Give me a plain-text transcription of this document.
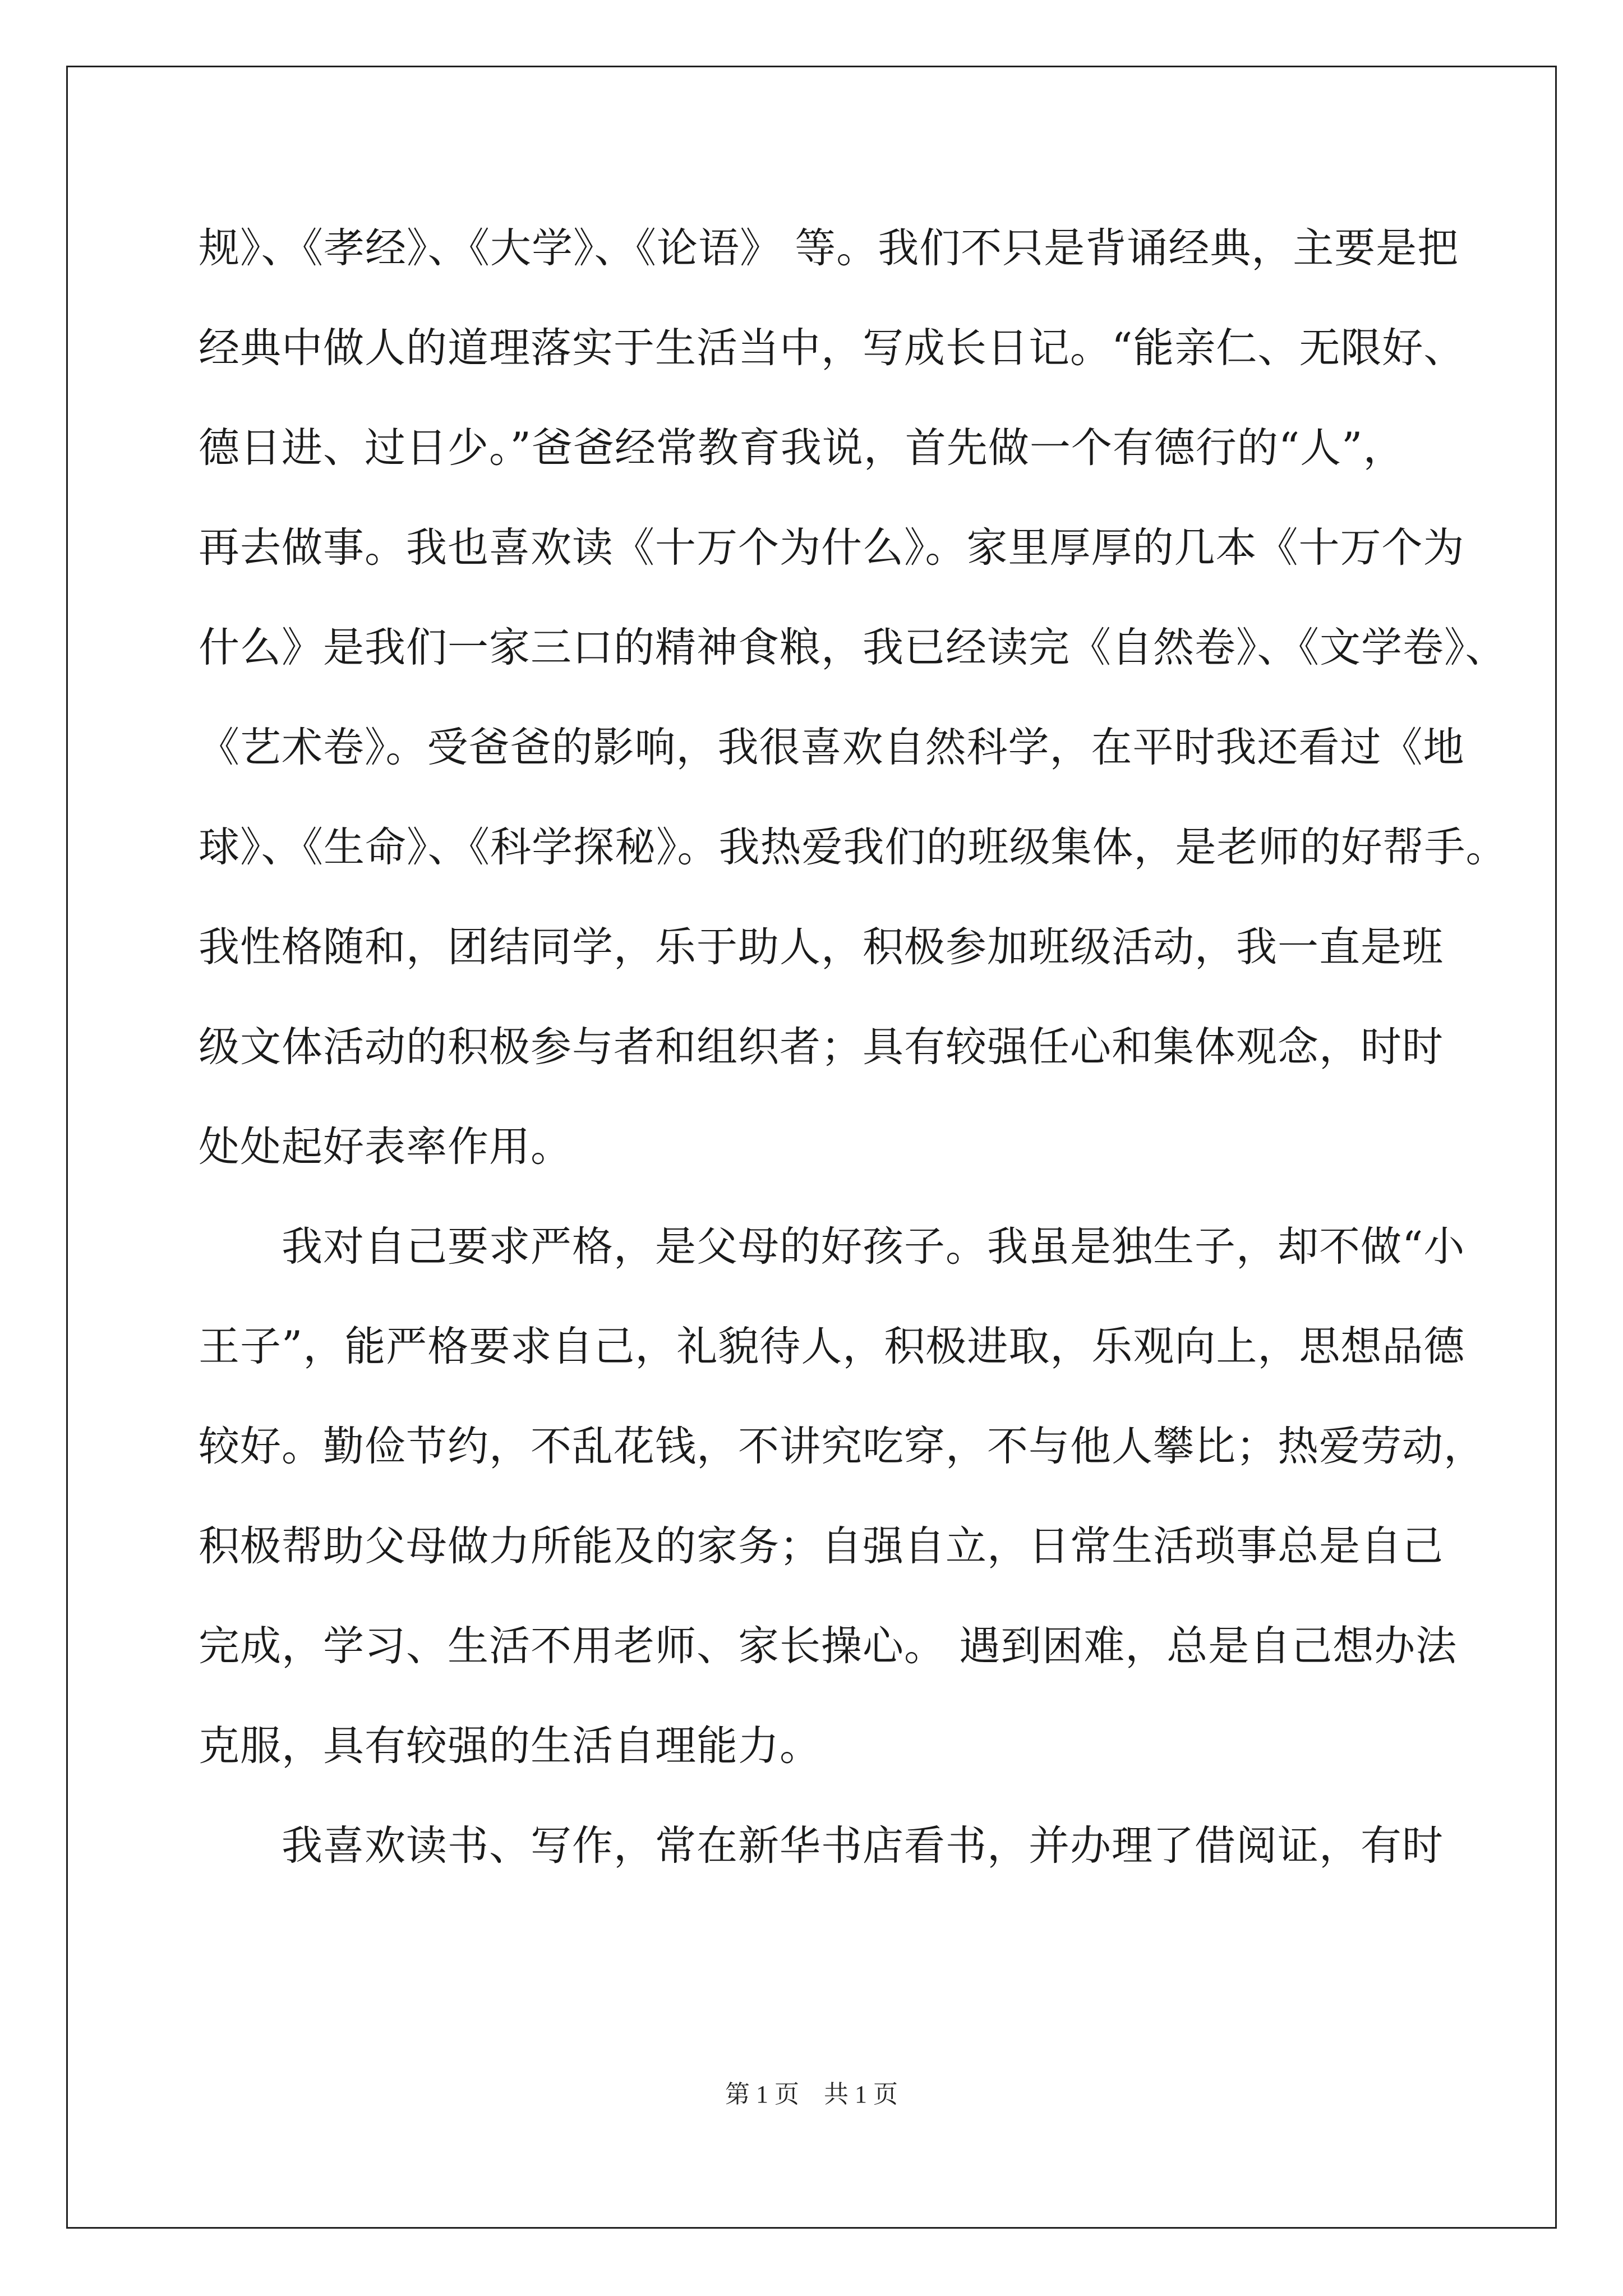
规》、《孝经》、《大学》、《论语》 等。我们不只是背诵经典，主要是把
经典中做人的道理落实于生活当中，写成长日记。“能亲仁、无限好、
德日进、过日少。”爸爸经常教育我说，首先做一个有德行的“人”，
再去做事。我也喜欢读《十万个为什么》。家里厚厚的几本《十万个为
什么》是我们一家三口的精神食粮，我已经读完《自然卷》、《文学卷》、
《艺术卷》。受爸爸的影响，我很喜欢自然科学，在平时我还看过《地
球》、《生命》、《科学探秘》。我热爱我们的班级集体，是老师的好帮手。
我性格随和，团结同学，乐于助人，积极参加班级活动，我一直是班
级文体活动的积极参与者和组织者；具有较强任心和集体观念，时时
处处起好表率作用。
　　我对自己要求严格，是父母的好孩子。我虽是独生子，却不做“小
王子”，能严格要求自己，礼貌待人，积极进取，乐观向上，思想品德
较好。勤俭节约，不乱花钱，不讲究吃穿，不与他人攀比；热爱劳动，
积极帮助父母做力所能及的家务；自强自立，日常生活琐事总是自己
完成，学习、生活不用老师、家长操心。 遇到困难，总是自己想办法
克服，具有较强的生活自理能力。
　　我喜欢读书、写作，常在新华书店看书，并办理了借阅证，有时
第 1 页　共 1 页
